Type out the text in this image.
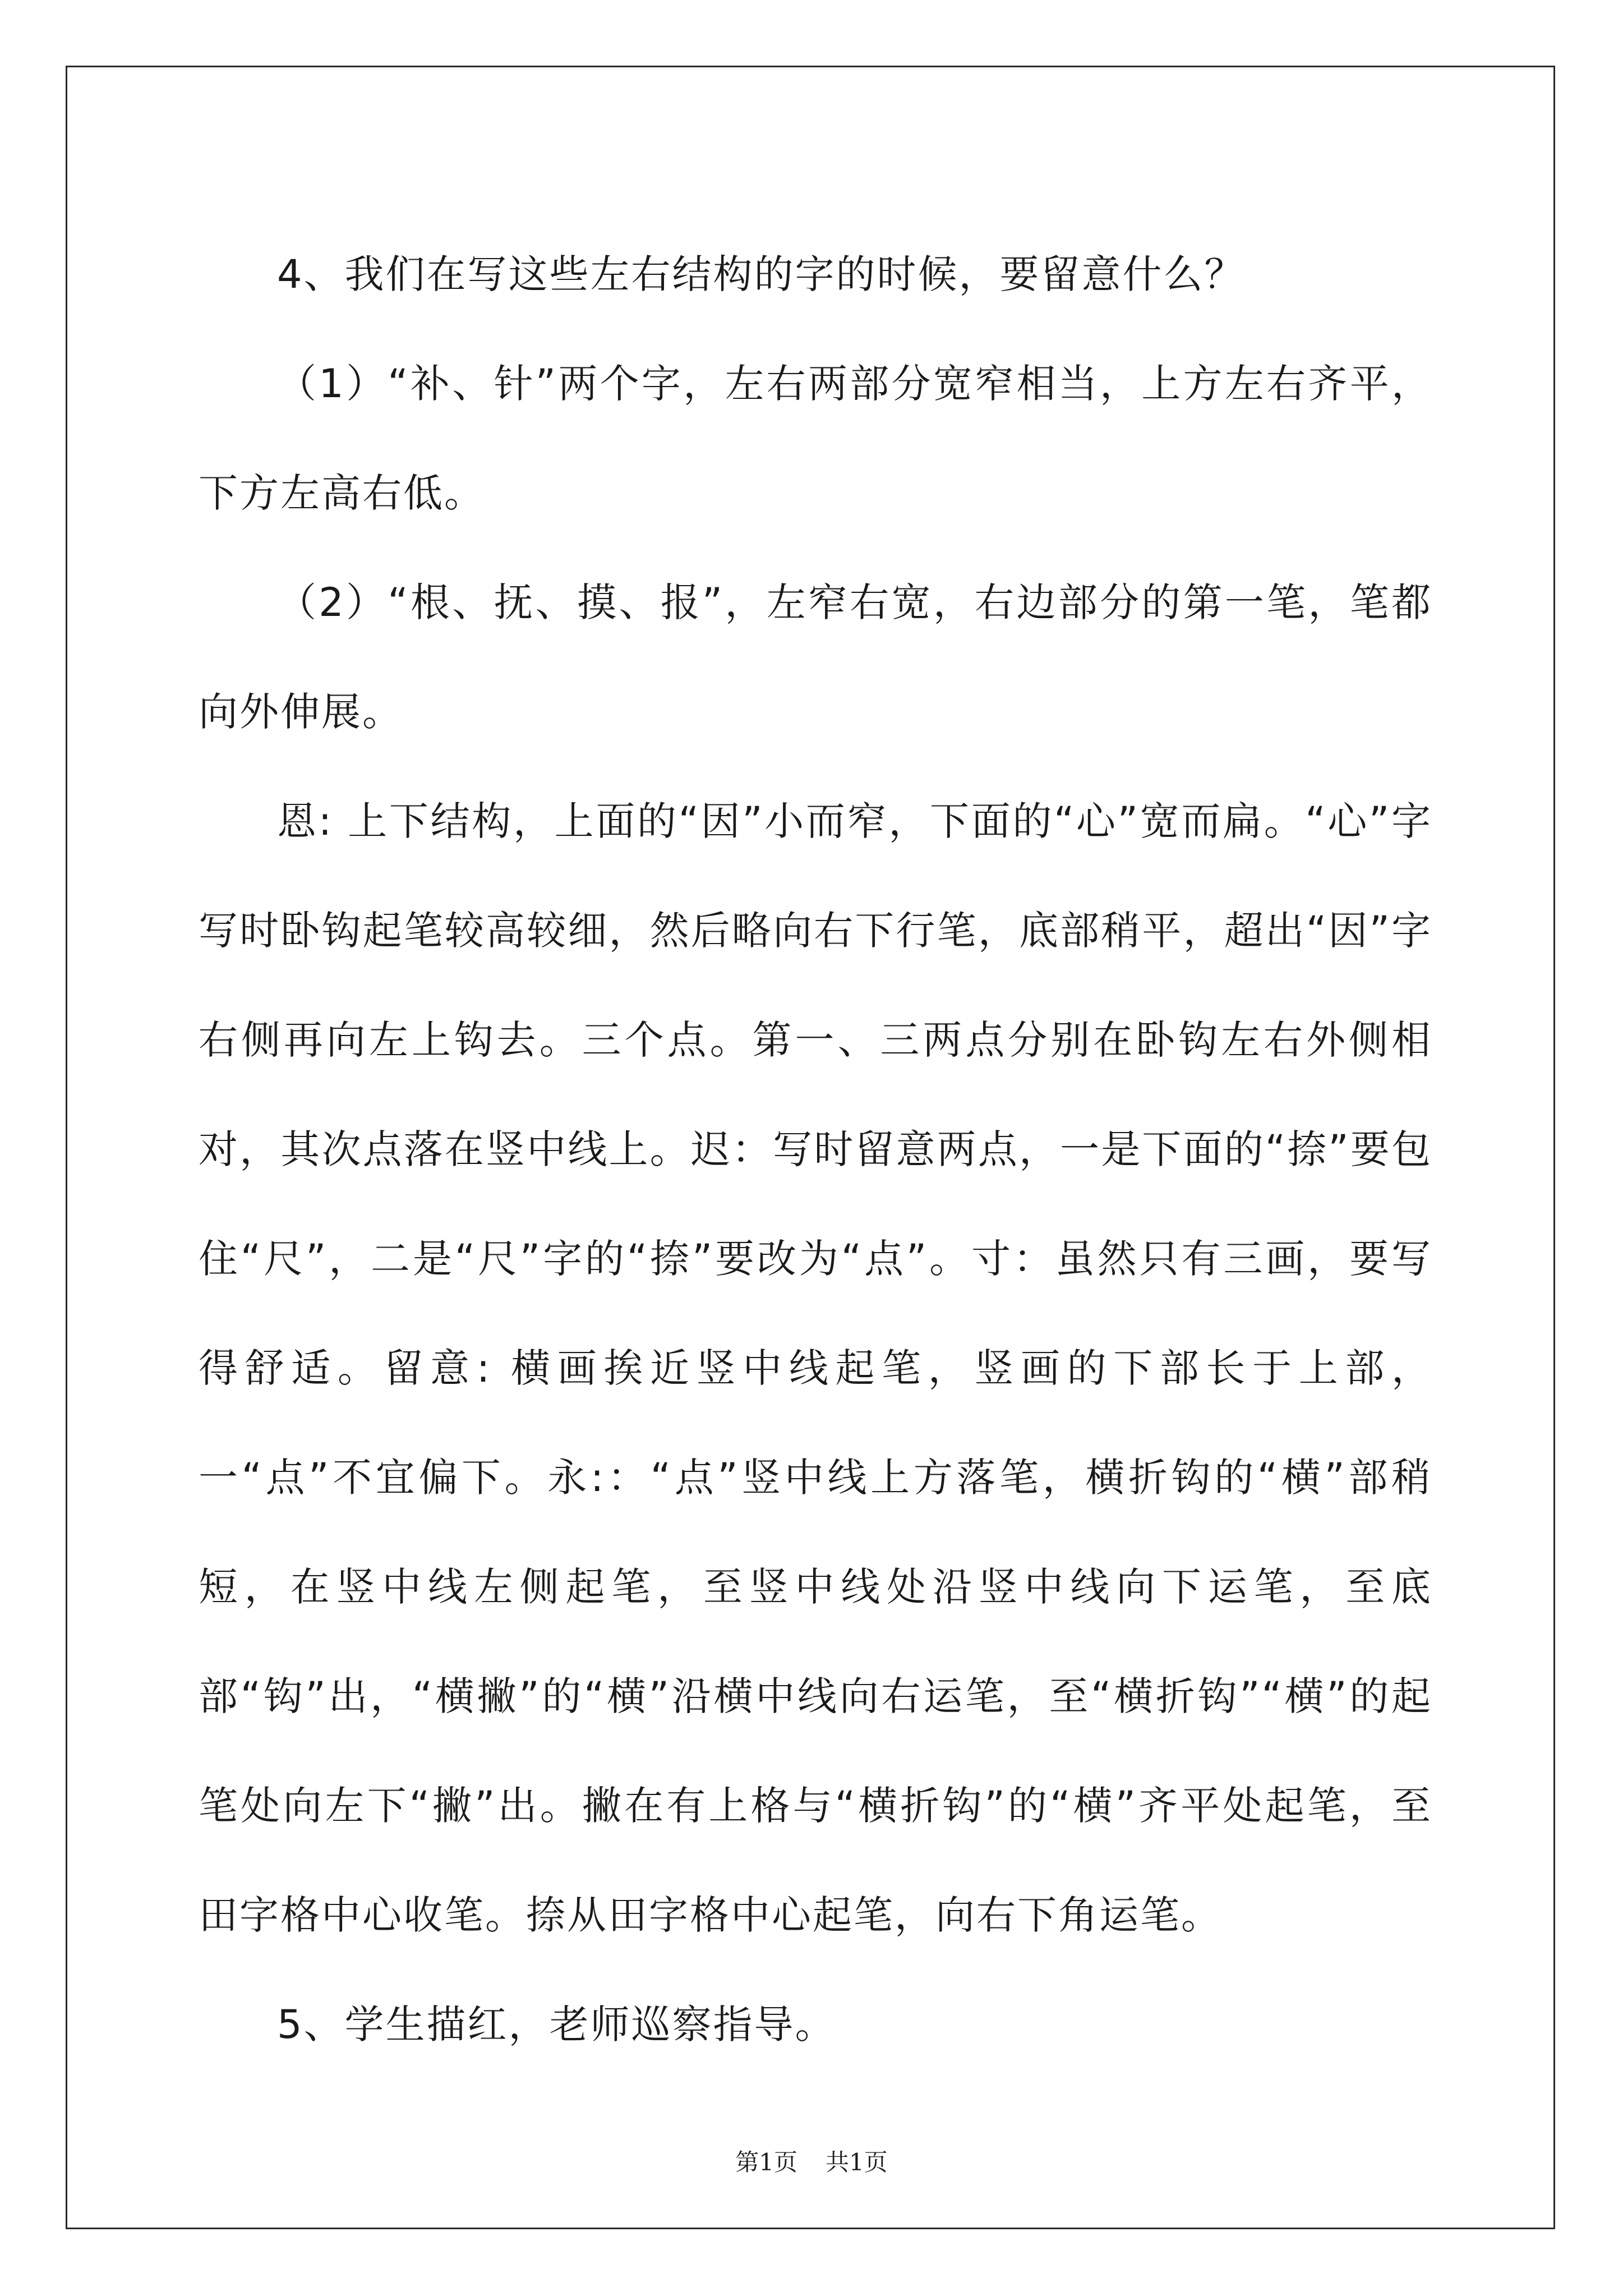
4、我们在写这些左右结构的字的时候，要留意什么？

（1）“补、针”两个字，左右两部分宽窄相当，上方左右齐平，下方左高右低。

（2）“根、抚、摸、报”，左窄右宽，右边部分的第一笔，笔都向外伸展。

恩: 上下结构，上面的“因”小而窄，下面的“心”宽而扁。“心”字写时卧钩起笔较高较细，然后略向右下行笔，底部稍平，超出“因”字右侧再向左上钩去。三个点。第一、三两点分别在卧钩左右外侧相对，其次点落在竖中线上。迟：写时留意两点，一是下面的“捺”要包住“尺”，二是“尺”字的“捺”要改为“点”。寸：虽然只有三画，要写得舒适。留意: 横画挨近竖中线起笔，竖画的下部长于上部，一“点”不宜偏下。永:：“点”竖中线上方落笔，横折钩的“横”部稍短，在竖中线左侧起笔，至竖中线处沿竖中线向下运笔，至底部“钩”出，“横撇”的“横”沿横中线向右运笔，至“横折钩”“横”的起笔处向左下“撇”出。撇在有上格与“横折钩”的“横”齐平处起笔，至田字格中心收笔。捺从田字格中心起笔，向右下角运笔。

5、学生描红，老师巡察指导。

第1页 共1页
